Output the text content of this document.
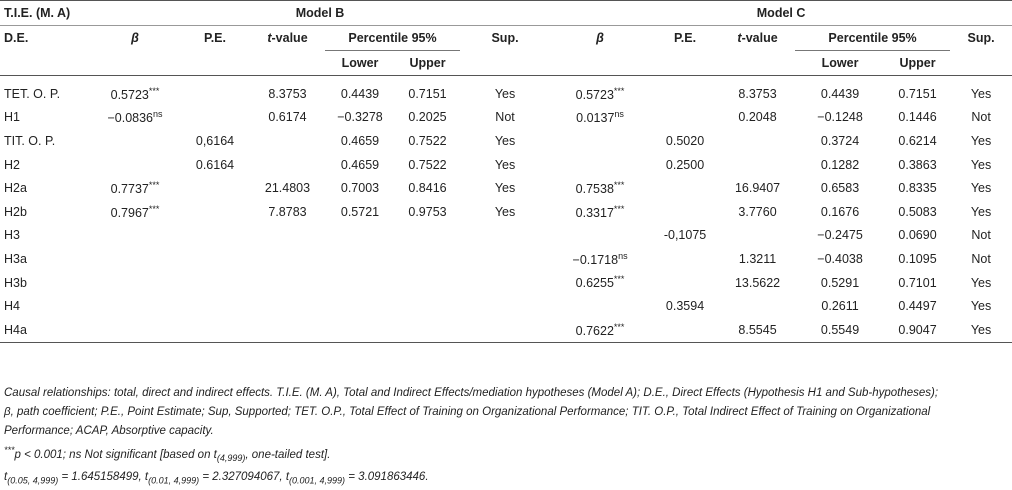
T.I.E. (M. A)	Model B						Model C					
D.E.	β	P.E.	t-value	Percentile 95%		Sup.	β	P.E.	t-value	Percentile 95%		Sup.
				Lower	Upper					Lower	Upper	
TET. O. P.	0.5723***		8.3753	0.4439	0.7151	Yes	0.5723***		8.3753	0.4439	0.7151	Yes
H1	$-0.0836^{ns}$		0.6174	−0.3278	0.2025	Not	$0.0137^{ns}$		0.2048	−0.1248	0.1446	Not
TIT. O. P.		0,6164		0.4659	0.7522	Yes		0.5020		0.3724	0.6214	Yes
H2		0.6164		0.4659	0.7522	Yes		0.2500		0.1282	0.3863	Yes
H2a	0.7737***		21.4803	0.7003	0.8416	Yes	0.7538***		16.9407	0.6583	0.8335	Yes
H2b	0.7967***		7.8783	0.5721	0.9753	Yes	0.3317***		3.7760	0.1676	0.5083	Yes
H3								-0,1075		−0.2475	0.0690	Not
H3a							$-0.1718^{ns}$		1.3211	−0.4038	0.1095	Not
H3b							0.6255***		13.5622	0.5291	0.7101	Yes
H4								0.3594		0.2611	0.4497	Yes
H4a							0.7622***		8.5545	0.5549	0.9047	Yes

Causal relationships: total, direct and indirect effects. T.I.E. (M. A), Total and Indirect Effects/mediation hypotheses (Model A); D.E., Direct Effects (Hypothesis H1 and Sub-hypotheses);

β, path coefficient; P.E., Point Estimate; Sup, Supported; TET. O.P., Total Effect of Training on Organizational Performance; TIT. O.P., Total Indirect Effect of Training on Organizational

Performance; ACAP, Absorptive capacity.

***p < 0.001; ns Not significant [based on $t_{(4,999)}$, one-tailed test].

$t_{(0.05, 4,999)} = 1.645158499$, $t_{(0.01, 4,999)} = 2.327094067$, $t_{(0.001, 4,999)} = 3.091863446$.
